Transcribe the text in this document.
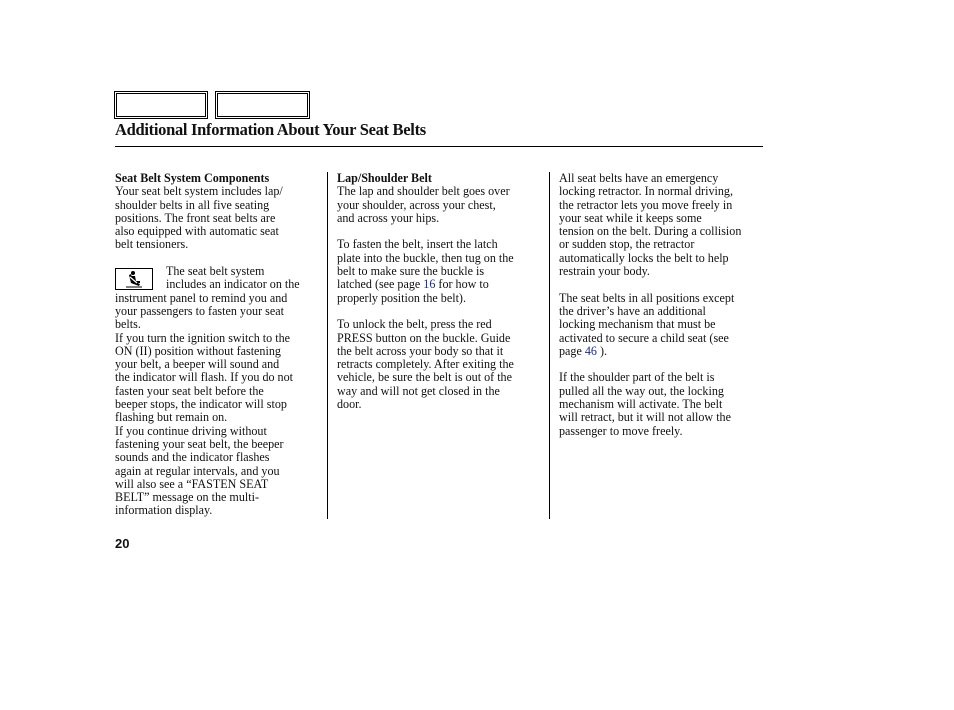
Additional Information About Your Seat Belts

Seat Belt System Components

Your seat belt system includes lap/
shoulder belts in all five seating
positions. The front seat belts are
also equipped with automatic seat
belt tensioners.

The seat belt system
includes an indicator on the

instrument panel to remind you and
your passengers to fasten your seat
belts.

If you turn the ignition switch to the
ON (II) position without fastening
your belt, a beeper will sound and
the indicator will flash. If you do not
fasten your seat belt before the
beeper stops, the indicator will stop
flashing but remain on.

If you continue driving without
fastening your seat belt, the beeper
sounds and the indicator flashes
again at regular intervals, and you
will also see a “FASTEN SEAT
BELT” message on the multi-
information display.

Lap/Shoulder Belt

The lap and shoulder belt goes over
your shoulder, across your chest,
and across your hips.

To fasten the belt, insert the latch
plate into the buckle, then tug on the
belt to make sure the buckle is
latched (see page 16 for how to
properly position the belt).

To unlock the belt, press the red
PRESS button on the buckle. Guide
the belt across your body so that it
retracts completely. After exiting the
vehicle, be sure the belt is out of the
way and will not get closed in the
door.

All seat belts have an emergency
locking retractor. In normal driving,
the retractor lets you move freely in
your seat while it keeps some
tension on the belt. During a collision
or sudden stop, the retractor
automatically locks the belt to help
restrain your body.

The seat belts in all positions except
the driver’s have an additional
locking mechanism that must be
activated to secure a child seat (see
page 46 ).

If the shoulder part of the belt is
pulled all the way out, the locking
mechanism will activate. The belt
will retract, but it will not allow the
passenger to move freely.

20
